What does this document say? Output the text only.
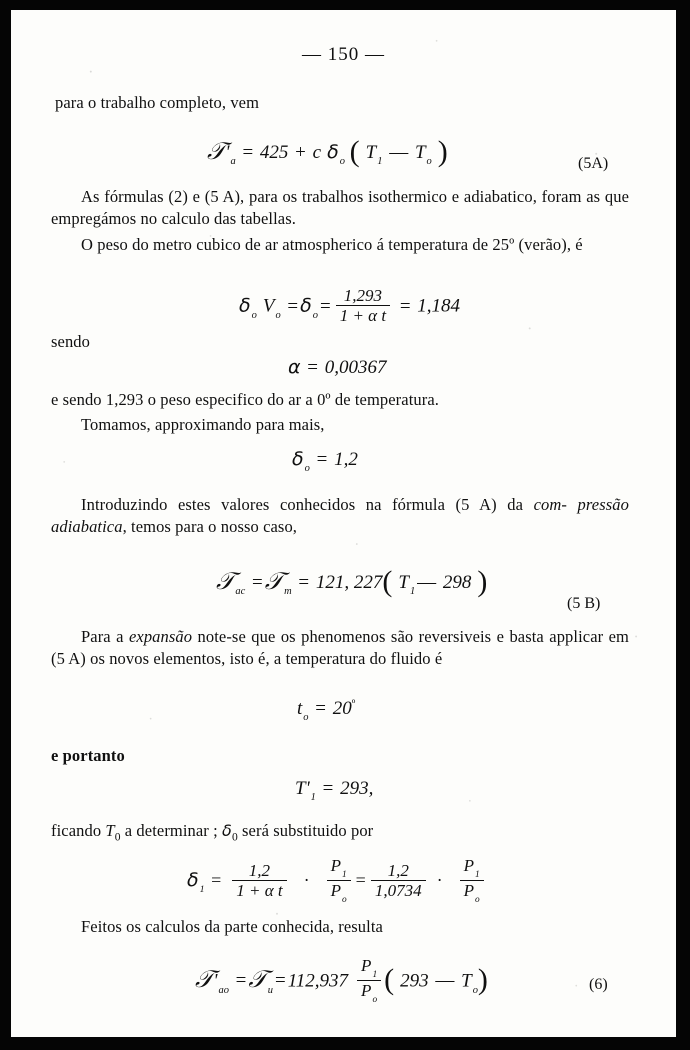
— 150 —
para o trabalho completo, vem
$𝒯'_a = 425 + c$ $\delta_o$ ( $T_1$ — $T_o$ )	(5A)
As fórmulas (2) e (5 A), para os trabalhos isothermico e adiabatico, foram as que empregámos no calculo das tabellas.
O peso do metro cubico de ar atmospherico á temperatura de 25º (verão), é
$\delta_o$ $V_o = \delta_o = \frac{1,293}{\text{1 + α t}} = 1,184$
sendo
α = 0,00367
e sendo 1,293 o peso especifico do ar a 0º de temperatura.
Tomamos, approximando para mais,
$\delta_o = 1,2$
Introduzindo estes valores conhecidos na fórmula (5 A) da com- pressão adiabatica, temos para o nosso caso,
𝒯$_{ac}$ =𝒯$_m$ = 121, 227( $T_1$ — 298 )
(5 B)
Para a expansão note-se que os phenomenos são reversiveis e basta applicar em (5 A) os novos elementos, isto é, a temperatura do fluido é
$t_o = 20^º$
e portanto
$T'_1 = 293$,
ficando $T_0$ a determinar ; $\delta_0$ será substituido por
$\delta_1 = \frac{1,2}{\text{1 + α t}} \cdot \frac{P_1}{P_o} = \frac{1,2}{1,0734} \cdot \frac{P_1}{P_o}$
Feitos os calculos da parte conhecida, resulta
$𝒯'_{ao}$ =𝒯$_u$ = $112,937 \frac{P_1}{P_o}$ ( 293 — $T_o$)	(6)
